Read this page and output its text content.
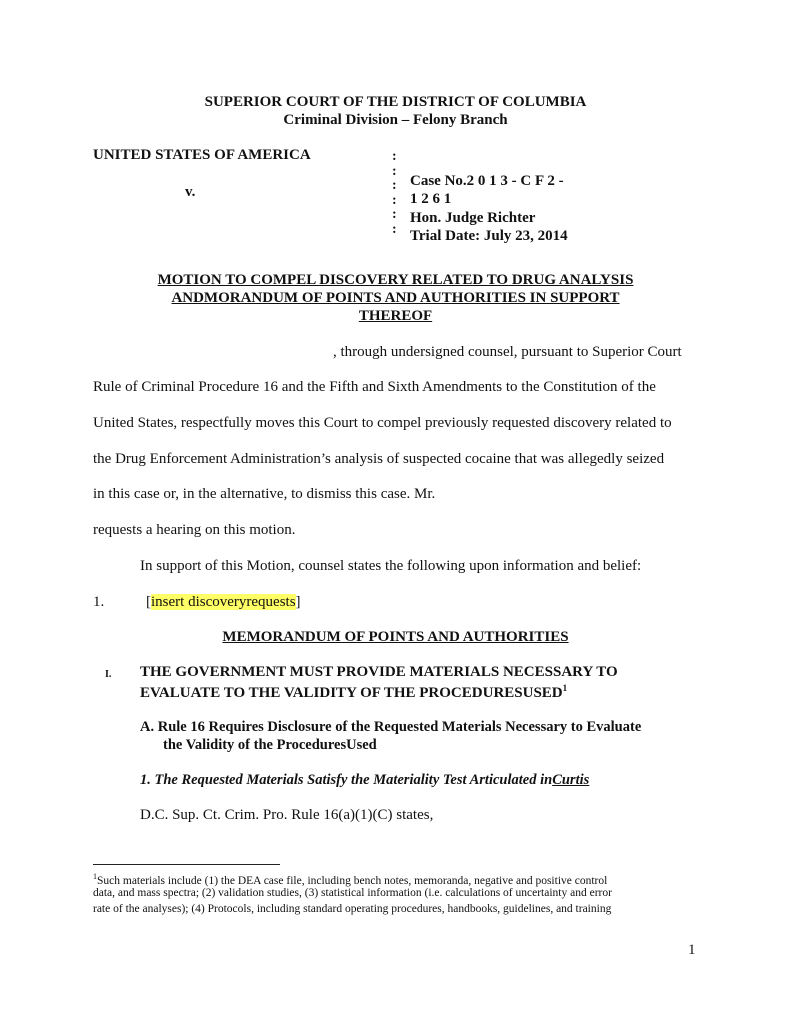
SUPERIOR COURT OF THE DISTRICT OF COLUMBIA
Criminal Division – Felony Branch
UNITED STATES OF AMERICA
v.
:
:
:
:
:
:
Case No.2 0 1 3 - C F 2 -
1 2 6 1
Hon. Judge Richter
Trial Date: July 23, 2014
MOTION TO COMPEL DISCOVERY RELATED TO DRUG ANALYSIS
ANDMORANDUM OF POINTS AND AUTHORITIES IN SUPPORT
THEREOF
, through undersigned counsel, pursuant to Superior Court
Rule of Criminal Procedure 16 and the Fifth and Sixth Amendments to the Constitution of the
United States, respectfully moves this Court to compel previously requested discovery related to
the Drug Enforcement Administration’s analysis of suspected cocaine that was allegedly seized
in this case or, in the alternative, to dismiss this case. Mr.
requests a hearing on this motion.
In support of this Motion, counsel states the following upon information and belief:
1.	[insert discoveryrequests]
MEMORANDUM OF POINTS AND AUTHORITIES
I. THE GOVERNMENT MUST PROVIDE MATERIALS NECESSARY TO
EVALUATE TO THE VALIDITY OF THE PROCEDURESUSED$^1$
A. Rule 16 Requires Disclosure of the Requested Materials Necessary to Evaluate
the Validity of the ProceduresUsed
1. The Requested Materials Satisfy the Materiality Test Articulated inCurtis
D.C. Sup. Ct. Crim. Pro. Rule 16(a)(1)(C) states,
$^1$Such materials include (1) the DEA case file, including bench notes, memoranda, negative and positive control
data, and mass spectra; (2) validation studies, (3) statistical information (i.e. calculations of uncertainty and error
rate of the analyses); (4) Protocols, including standard operating procedures, handbooks, guidelines, and training
1
